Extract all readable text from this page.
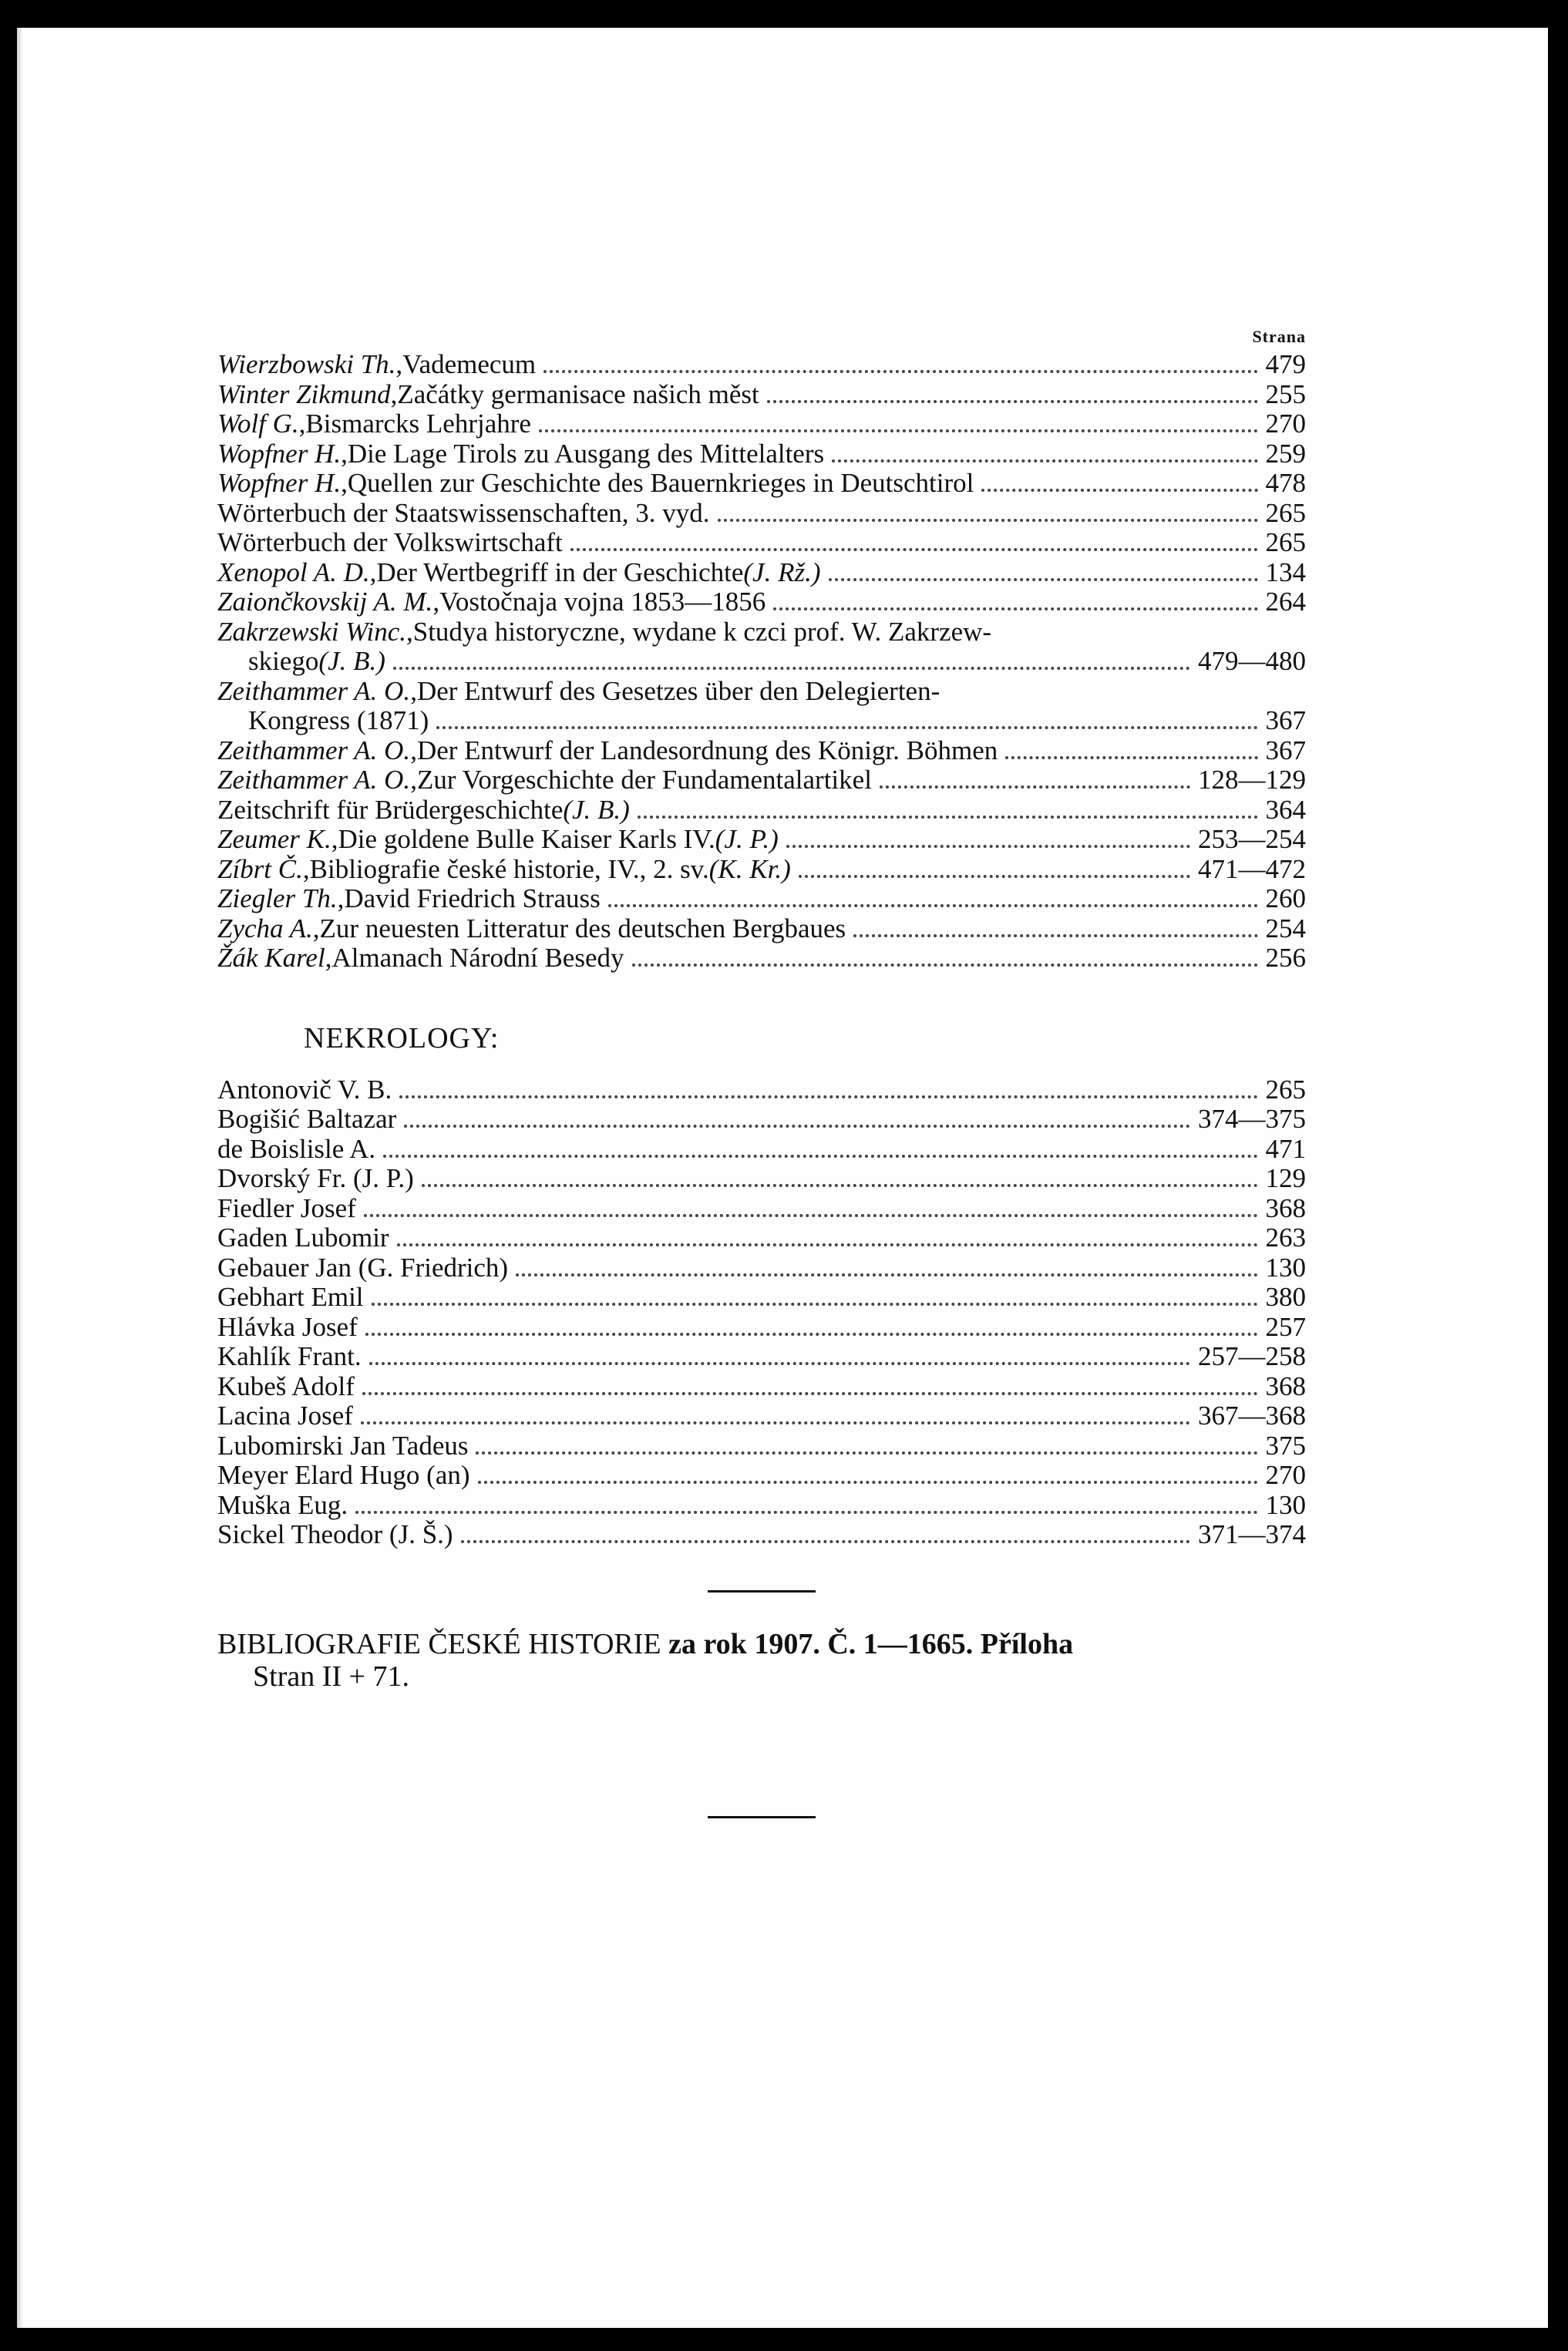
Strana
Wierzbowski Th. , Vademecum	479
Winter Zikmund , Začátky germanisace našich měst	255
Wolf G. , Bismarcks Lehrjahre	270
Wopfner H. , Die Lage Tirols zu Ausgang des Mittelalters	259
Wopfner H. , Quellen zur Geschichte des Bauernkrieges in Deutschtirol	478
Wörterbuch der Staatswissenschaften, 3. vyd.	265
Wörterbuch der Volkswirtschaft	265
Xenopol A. D. , Der Wertbegriff in der Geschichte (J. Rž.)	134
Zaiončkovskij A. M. , Vostočnaja vojna 1853—1856	264
Zakrzewski Winc. , Studya historyczne, wydane k czci prof. W. Zakrzew-
skiego (J. B.)	479—480
Zeithammer A. O. , Der Entwurf des Gesetzes über den Delegierten-
Kongress (1871)	367
Zeithammer A. O. , Der Entwurf der Landesordnung des Königr. Böhmen	367
Zeithammer A. O. , Zur Vorgeschichte der Fundamentalartikel	128—129
Zeitschrift für Brüdergeschichte (J. B.)	364
Zeumer K. , Die goldene Bulle Kaiser Karls IV. (J. P.)	253—254
Zíbrt Č. , Bibliografie české historie, IV., 2. sv. (K. Kr.)	471—472
Ziegler Th. , David Friedrich Strauss	260
Zycha A. , Zur neuesten Litteratur des deutschen Bergbaues	254
Žák Karel , Almanach Národní Besedy	256
NEKROLOGY:
Antonovič V. B.	265
Bogišić Baltazar	374—375
de Boislisle A.	471
Dvorský Fr. (J. P.)	129
Fiedler Josef	368
Gaden Lubomir	263
Gebauer Jan (G. Friedrich)	130
Gebhart Emil	380
Hlávka Josef	257
Kahlík Frant.	257—258
Kubeš Adolf	368
Lacina Josef	367—368
Lubomirski Jan Tadeus	375
Meyer Elard Hugo (an)	270
Muška Eug.	130
Sickel Theodor (J. Š.)	371—374
BIBLIOGRAFIE ČESKÉ HISTORIE za rok 1907. Č. 1—1665. Příloha
Stran II + 71.
